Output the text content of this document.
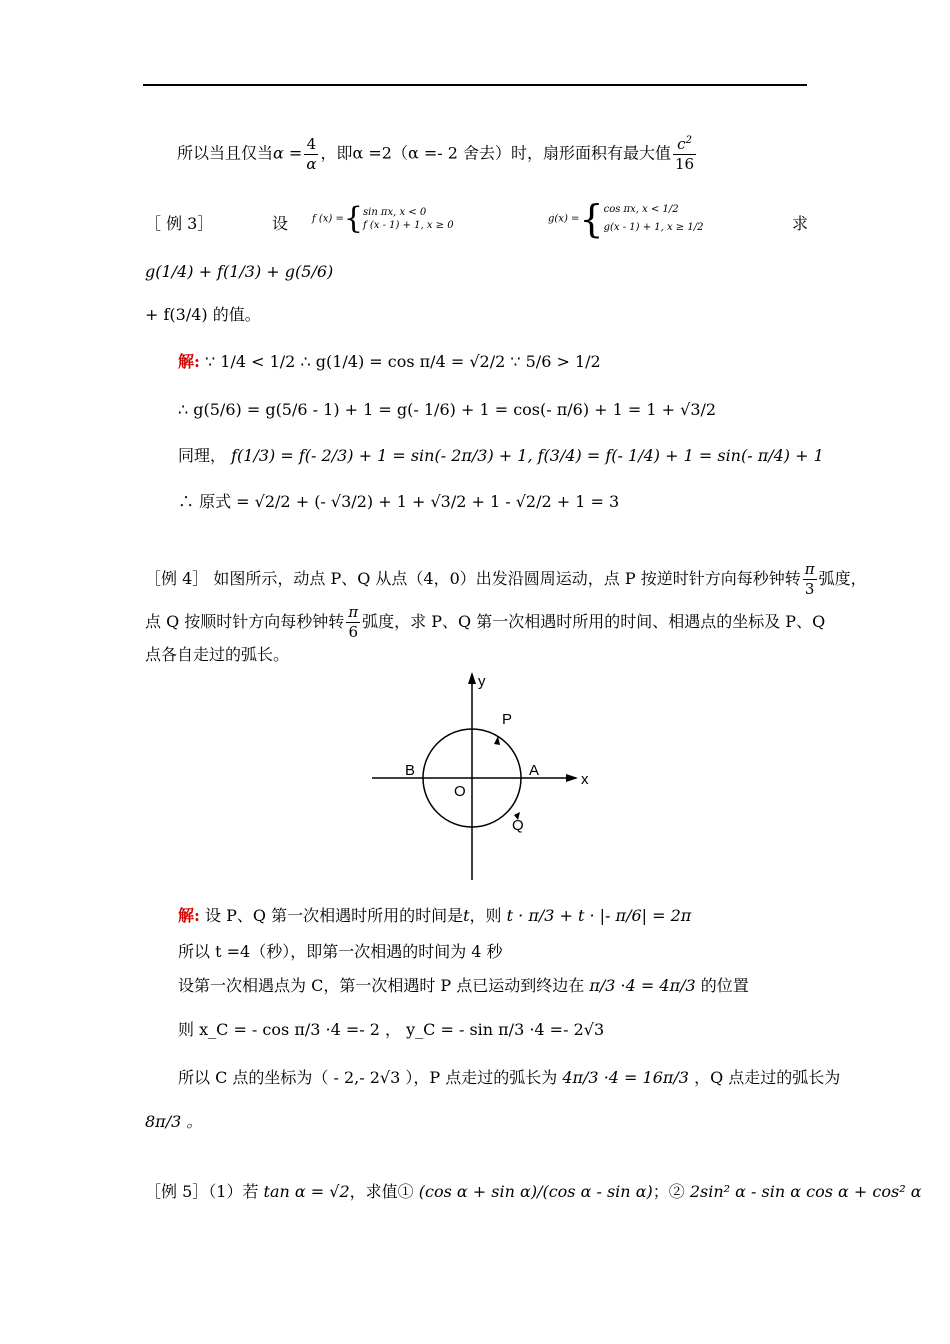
所以当且仅当$\alpha = \frac{4}{\alpha}$ ，即α =2（α =- 2 舍去）时，扇形面积有最大值 $\frac{c^2}{16}$
［ 例 3］	设 f (x) ={ sin πx, x < 0
f (x - 1) + 1, x ≥ 0
g(x) ={ cos πx, x < 1/2
g(x - 1) + 1, x ≥ 1/2	求
g(1/4) + f(1/3) + g(5/6)
+ f(3/4) 的值。
解: ∵ 1/4 < 1/2 ∴ g(1/4) = cos π/4 = √2/2 ∵ 5/6 > 1/2
∴ g(5/6) = g(5/6 - 1) + 1 = g(- 1/6) + 1 = cos(- π/6) + 1 = 1 + √3/2
同理， f(1/3) = f(- 2/3) + 1 = sin(- 2π/3) + 1, f(3/4) = f(- 1/4) + 1 = sin(- π/4) + 1
∴ 原式 = √2/2 + (- √3/2) + 1 + √3/2 + 1 - √2/2 + 1 = 3
［例 4］ 如图所示，动点 P、Q 从点（4，0）出发沿圆周运动，点 P 按逆时针方向每秒钟转 $\frac{\pi}{3}$ 弧度，
点 Q 按顺时针方向每秒钟转 $\frac{\pi}{6}$ 弧度，求 P、Q 第一次相遇时所用的时间、相遇点的坐标及 P、Q
点各自走过的弧长。
y
x
P
Q
A
B
O
解: 设 P、Q 第一次相遇时所用的时间是t，则 t · π/3 + t · |- π/6| = 2π
所以 t =4（秒），即第一次相遇的时间为 4 秒
设第一次相遇点为 C，第一次相遇时 P 点已运动到终边在 π/3 ·4 = 4π/3 的位置
则 x_C = - cos π/3 ·4 =- 2 ， y_C = - sin π/3 ·4 =- 2√3
所以 C 点的坐标为（ - 2,- 2√3 ），P 点走过的弧长为 4π/3 ·4 = 16π/3 ，Q 点走过的弧长为
8π/3 。
［例 5］（1）若 tan α = √2，求值① (cos α + sin α)/(cos α - sin α)；② 2sin² α - sin α cos α + cos² α
